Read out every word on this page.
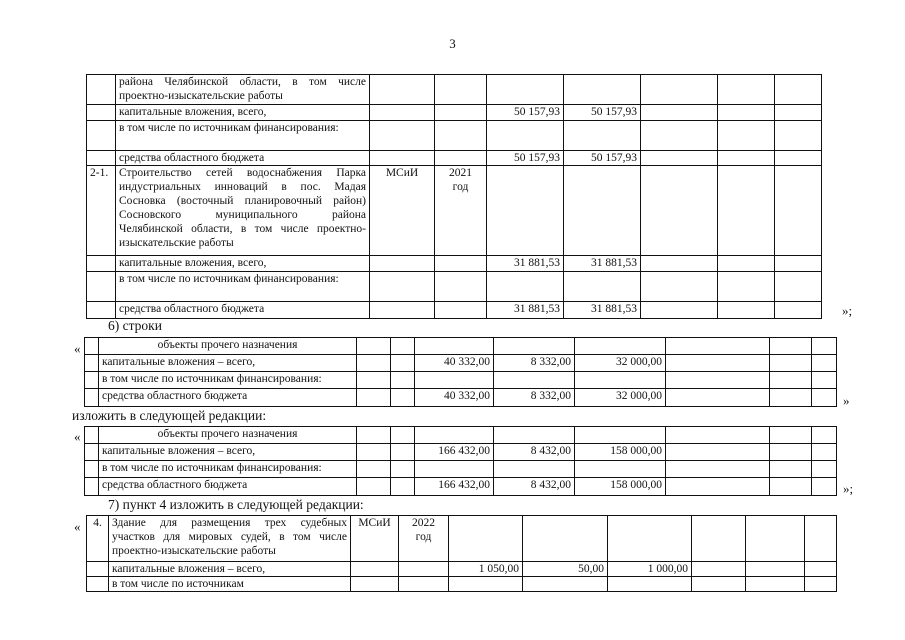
3
	района Челябинской области, в том числе проектно-изыскательские работы							
	капитальные вложения, всего,			50 157,93	50 157,93			
	в том числе по источникам финансирования:							
	средства областного бюджета			50 157,93	50 157,93			
2-1.	Строительство сетей водоснабжения Парка индустриальных инноваций в пос. Мадая Сосновка (восточный планировочный район) Сосновского муниципального района Челябинской области, в том числе проектно-изыскательские работы	МСиИ	2021
год					

	капитальные вложения, всего,			31 881,53	31 881,53			
	в том числе по источникам финансирования:							
	средства областного бюджета			31 881,53	31 881,53				»;
6) строки
«
		объекты прочего назначения								
	капитальные вложения – всего,			40 332,00	8 332,00	32 000,00			
	в том числе по источникам финансирования:								
	средства областного бюджета			40 332,00	8 332,00	32 000,00				»
изложить в следующей редакции:
«
		объекты прочего назначения								
	капитальные вложения – всего,			166 432,00	8 432,00	158 000,00			
	в том числе по источникам финансирования:								
	средства областного бюджета			166 432,00	8 432,00	158 000,00				»;
7) пункт 4 изложить в следующей редакции:
« 4.	Здание для размещения трех судебных участков для мировых судей, в том числе проектно-изыскательские работы	МСиИ	2022
год						

	капитальные вложения – всего,			1 050,00	50,00	1 000,00			
	в том числе по источникам								
